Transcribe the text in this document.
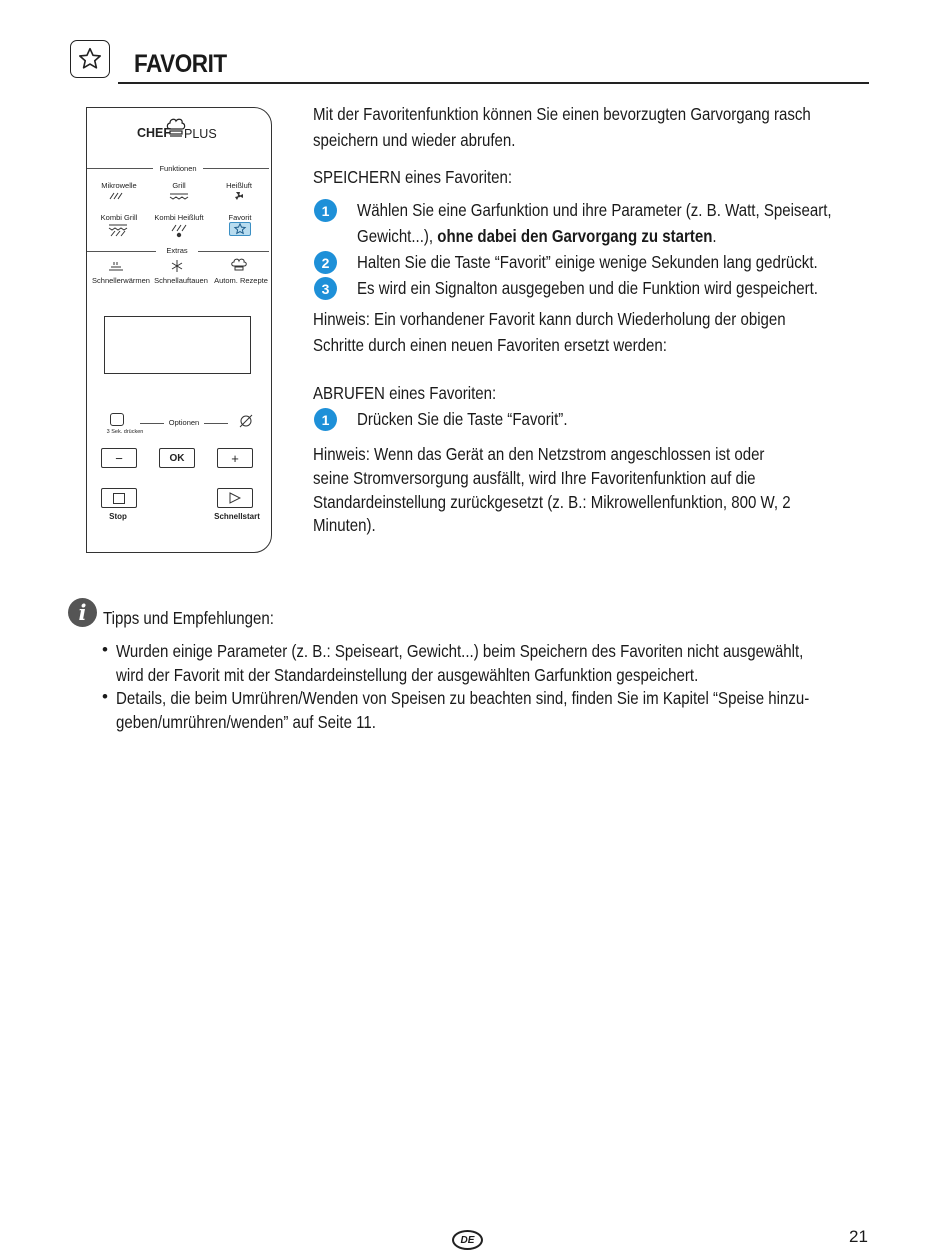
FAVORIT
CHEF PLUS
Funktionen
Mikrowelle	Grill	Heißluft
Kombi Grill Kombi Heißluft	Favorit
Extras
Schnellerwärmen Schnellauftauen Autom. Rezepte
3 Sek. drücken
Optionen
−	OK	+
Stop	Schnellstart
Mit der Favoritenfunktion können Sie einen bevorzugten Garvorgang rasch
speichern und wieder abrufen.
SPEICHERN eines Favoriten:
1	Wählen Sie eine Garfunktion und ihre Parameter (z. B. Watt, Speiseart,
Gewicht...), ohne dabei den Garvorgang zu starten.
2	Halten Sie die Taste “Favorit” einige wenige Sekunden lang gedrückt.
3	Es wird ein Signalton ausgegeben und die Funktion wird gespeichert.
Hinweis: Ein vorhandener Favorit kann durch Wiederholung der obigen
Schritte durch einen neuen Favoriten ersetzt werden:
ABRUFEN eines Favoriten:
1	Drücken Sie die Taste “Favorit”.
Hinweis: Wenn das Gerät an den Netzstrom angeschlossen ist oder
seine Stromversorgung ausfällt, wird Ihre Favoritenfunktion auf die
Standardeinstellung zurückgesetzt (z. B.: Mikrowellenfunktion, 800 W, 2
Minuten).
i Tipps und Empfehlungen:
• Wurden einige Parameter (z. B.: Speiseart, Gewicht...) beim Speichern des Favoriten nicht ausgewählt,
wird der Favorit mit der Standardeinstellung der ausgewählten Garfunktion gespeichert.
• Details, die beim Umrühren/Wenden von Speisen zu beachten sind, finden Sie im Kapitel “Speise hinzu-
geben/umrühren/wenden” auf Seite 11.
DE	21
